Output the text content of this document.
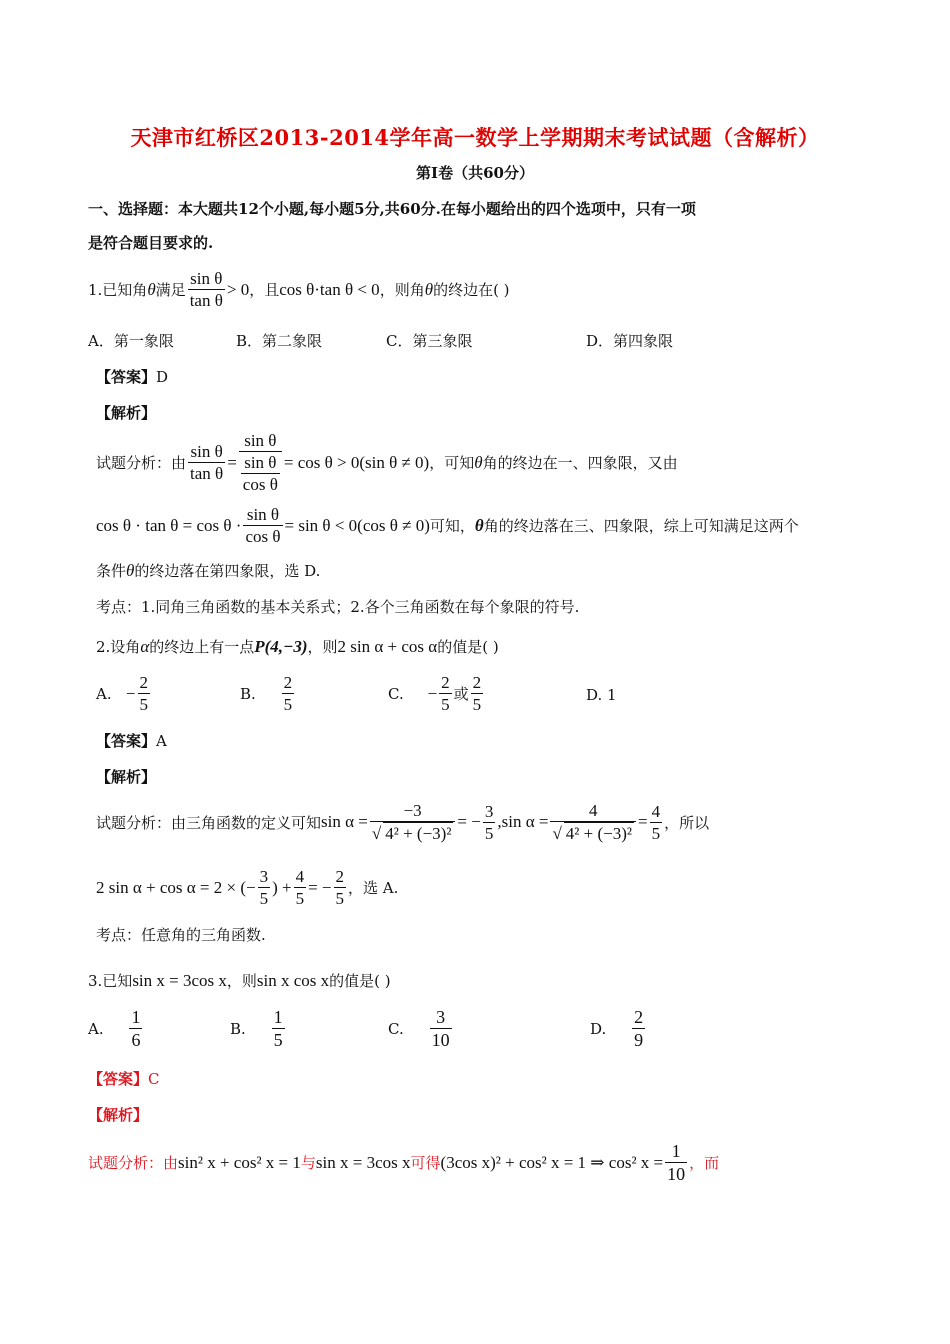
天津市红桥区2013-2014学年高一数学上学期期末考试试题（含解析）
第Ⅰ卷（共60分）
一、选择题：本大题共12个小题,每小题5分,共60分.在每小题给出的四个选项中，只有一项
是符合题目要求的.
1.已知角 θ 满足 $\frac{\text{sin θ}}{\text{tan θ}} > 0$ ，且 cos θ·tan θ < 0 ，则角 θ 的终边在( )
A．第一象限	B．第二象限	C．第三象限	D．第四象限
【答案】D
【解析】
试题分析： 由 $\frac{\text{sin θ}}{\text{tan θ}} = \frac{\text{sin θ}}{\frac{\text{sin θ}}{\text{cos θ}}} = \cos \theta > 0(\sin$ θ ≠ 0) ，可知 θ 角的终边在一、四象限，又由
$\cos \theta \cdot \tan \theta = \cos \theta \cdot \frac{\text{sin θ}}{\text{cos θ}} = \sin \theta < 0(\cos$ θ ≠ 0) 可知， θ 角的终边落在三、四象限，综上可知满足这两个
条件θ的终边落在第四象限，选 D.
考点：1.同角三角函数的基本关系式；2.各个三角函数在每个象限的符号.
2.设角 α 的终边上有一点 P(4,−3) ，则 2 sin α + cos α 的值是( )
A.
− $\frac{2}{5}$	B.
$\frac{2}{5}$	C.
− $\frac{2}{5}$ 或 $\frac{2}{5}$	D. 1
【答案】A
【解析】
试题分析： 由三角函数的定义可知 $\sin \alpha = \frac{-3}{\text{√ 4² + (−3)²}}$ = − $\frac{3}{5}$ , $\sin \alpha = \frac{4}{\text{√ 4² + (−3)²}} = \frac{4}{5}$ ，所以
2 sin α + cos α = 2 × (− $\frac{3}{5}$ ) + $\frac{4}{5}$ = − $\frac{2}{5}$ ，选 A.
考点：任意角的三角函数.
3.已知 sin x = 3cos x ，则 sin x cos x 的值是( )
A.
$\frac{1}{6}$	B.
$\frac{1}{5}$	C.
$\frac{3}{10}$	D.
$\frac{2}{9}$
【答案】C
【解析】
试题分析： 由 sin² x + cos² x = 1 与 sin x = 3cos x 可得 (3cos x)² + cos² x = 1 ⇒ cos² $x = \frac{1}{10}$ ，而
